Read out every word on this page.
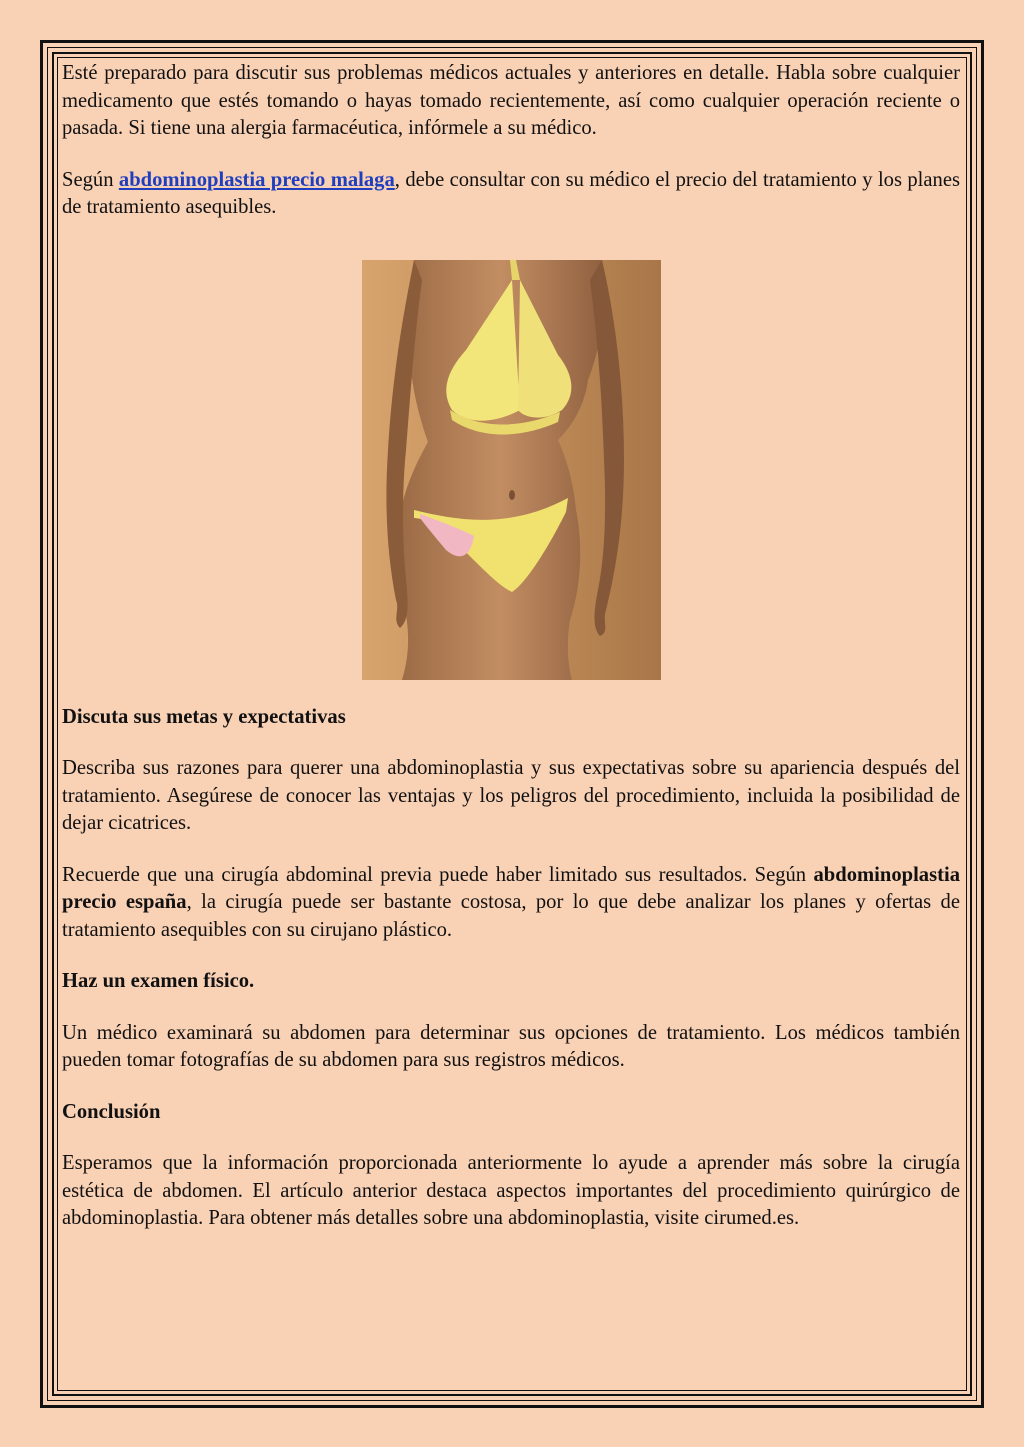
Esté preparado para discutir sus problemas médicos actuales y anteriores en detalle. Habla sobre cualquier medicamento que estés tomando o hayas tomado recientemente, así como cualquier operación reciente o pasada. Si tiene una alergia farmacéutica, infórmele a su médico.

Según abdominoplastia precio malaga, debe consultar con su médico el precio del tratamiento y los planes de tratamiento asequibles.

Discuta sus metas y expectativas

Describa sus razones para querer una abdominoplastia y sus expectativas sobre su apariencia después del tratamiento. Asegúrese de conocer las ventajas y los peligros del procedimiento, incluida la posibilidad de dejar cicatrices.

Recuerde que una cirugía abdominal previa puede haber limitado sus resultados. Según abdominoplastia precio españa, la cirugía puede ser bastante costosa, por lo que debe analizar los planes y ofertas de tratamiento asequibles con su cirujano plástico.

Haz un examen físico.

Un médico examinará su abdomen para determinar sus opciones de tratamiento. Los médicos también pueden tomar fotografías de su abdomen para sus registros médicos.

Conclusión

Esperamos que la información proporcionada anteriormente lo ayude a aprender más sobre la cirugía estética de abdomen. El artículo anterior destaca aspectos importantes del procedimiento quirúrgico de abdominoplastia. Para obtener más detalles sobre una abdominoplastia, visite cirumed.es.
